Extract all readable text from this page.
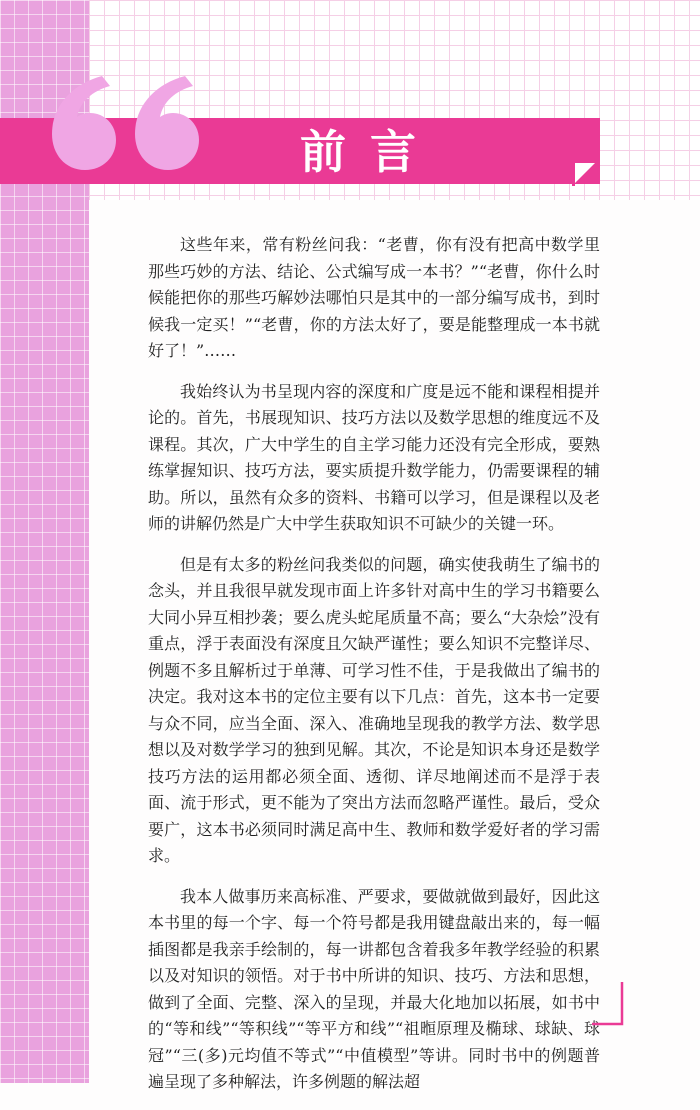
前言

这些年来，常有粉丝问我：“老曹，你有没有把高中数学里那些巧妙的方法、结论、公式编写成一本书？”“老曹，你什么时候能把你的那些巧解妙法哪怕只是其中的一部分编写成书，到时候我一定买！”“老曹，你的方法太好了，要是能整理成一本书就好了！”……

我始终认为书呈现内容的深度和广度是远不能和课程相提并论的。首先，书展现知识、技巧方法以及数学思想的维度远不及课程。其次，广大中学生的自主学习能力还没有完全形成，要熟练掌握知识、技巧方法，要实质提升数学能力，仍需要课程的辅助。所以，虽然有众多的资料、书籍可以学习，但是课程以及老师的讲解仍然是广大中学生获取知识不可缺少的关键一环。

但是有太多的粉丝问我类似的问题，确实使我萌生了编书的念头，并且我很早就发现市面上许多针对高中生的学习书籍要么大同小异互相抄袭；要么虎头蛇尾质量不高；要么“大杂烩”没有重点，浮于表面没有深度且欠缺严谨性；要么知识不完整详尽、例题不多且解析过于单薄、可学习性不佳，于是我做出了编书的决定。我对这本书的定位主要有以下几点：首先，这本书一定要与众不同，应当全面、深入、准确地呈现我的教学方法、数学思想以及对数学学习的独到见解。其次，不论是知识本身还是数学技巧方法的运用都必须全面、透彻、详尽地阐述而不是浮于表面、流于形式，更不能为了突出方法而忽略严谨性。最后，受众要广，这本书必须同时满足高中生、教师和数学爱好者的学习需求。

我本人做事历来高标准、严要求，要做就做到最好，因此这本书里的每一个字、每一个符号都是我用键盘敲出来的，每一幅插图都是我亲手绘制的，每一讲都包含着我多年教学经验的积累以及对知识的领悟。对于书中所讲的知识、技巧、方法和思想，做到了全面、完整、深入的呈现，并最大化地加以拓展，如书中的“等和线”“等积线”“等平方和线”“祖暅原理及椭球、球缺、球冠”“三(多)元均值不等式”“中值模型”等讲。同时书中的例题普遍呈现了多种解法，许多例题的解法超
